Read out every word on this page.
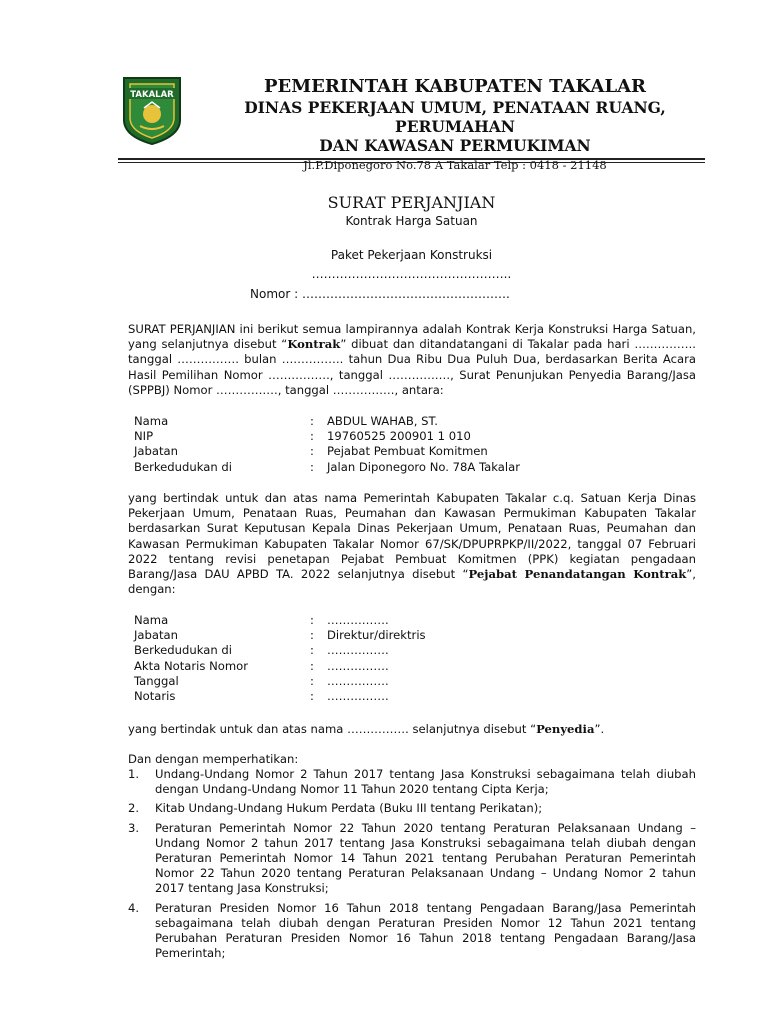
TAKALAR	PEMERINTAH KABUPATEN TAKALAR
DINAS PEKERJAAN UMUM, PENATAAN RUANG, PERUMAHAN
DAN KAWASAN PERMUKIMAN
Jl.P.Diponegoro No.78 A Takalar Telp : 0418 - 21148
SURAT PERJANJIAN
Kontrak Harga Satuan
Paket Pekerjaan Konstruksi
…………………………………………..
Nomor : …………………………………………….
SURAT PERJANJIAN ini berikut semua lampirannya adalah Kontrak Kerja Konstruksi Harga Satuan, yang selanjutnya disebut “Kontrak” dibuat dan ditandatangani di Takalar pada hari ……………. tanggal ……………. bulan ……………. tahun Dua Ribu Dua Puluh Dua, berdasarkan Berita Acara Hasil Pemilihan Nomor ……………., tanggal ……………., Surat Penunjukan Penyedia Barang/Jasa (SPPBJ) Nomor ……………., tanggal ……………., antara:
Nama	:	ABDUL WAHAB, ST.
NIP	:	19760525 200901 1 010
Jabatan	:	Pejabat Pembuat Komitmen
Berkedudukan di	:	Jalan Diponegoro No. 78A Takalar
yang bertindak untuk dan atas nama Pemerintah Kabupaten Takalar c.q. Satuan Kerja Dinas Pekerjaan Umum, Penataan Ruas, Peumahan dan Kawasan Permukiman Kabupaten Takalar berdasarkan Surat Keputusan Kepala Dinas Pekerjaan Umum, Penataan Ruas, Peumahan dan Kawasan Permukiman Kabupaten Takalar Nomor 67/SK/DPUPRPKP/II/2022, tanggal 07 Februari 2022 tentang revisi penetapan Pejabat Pembuat Komitmen (PPK) kegiatan pengadaan Barang/Jasa DAU APBD TA. 2022 selanjutnya disebut “Pejabat Penandatangan Kontrak”, dengan:
Nama	:	…………….
Jabatan	:	Direktur/direktris
Berkedudukan di	:	…………….
Akta Notaris Nomor	:	…………….
Tanggal	:	…………….
Notaris	:	…………….
yang bertindak untuk dan atas nama ……………. selanjutnya disebut “Penyedia”.
Dan dengan memperhatikan:
1.	Undang-Undang Nomor 2 Tahun 2017 tentang Jasa Konstruksi sebagaimana telah diubah dengan Undang-Undang Nomor 11 Tahun 2020 tentang Cipta Kerja;
2.	Kitab Undang-Undang Hukum Perdata (Buku III tentang Perikatan);
3.	Peraturan Pemerintah Nomor 22 Tahun 2020 tentang Peraturan Pelaksanaan Undang – Undang Nomor 2 tahun 2017 tentang Jasa Konstruksi sebagaimana telah diubah dengan Peraturan Pemerintah Nomor 14 Tahun 2021 tentang Perubahan Peraturan Pemerintah Nomor 22 Tahun 2020 tentang Peraturan Pelaksanaan Undang – Undang Nomor 2 tahun 2017 tentang Jasa Konstruksi;
4.	Peraturan Presiden Nomor 16 Tahun 2018 tentang Pengadaan Barang/Jasa Pemerintah sebagaimana telah diubah dengan Peraturan Presiden Nomor 12 Tahun 2021 tentang Perubahan Peraturan Presiden Nomor 16 Tahun 2018 tentang Pengadaan Barang/Jasa Pemerintah;
